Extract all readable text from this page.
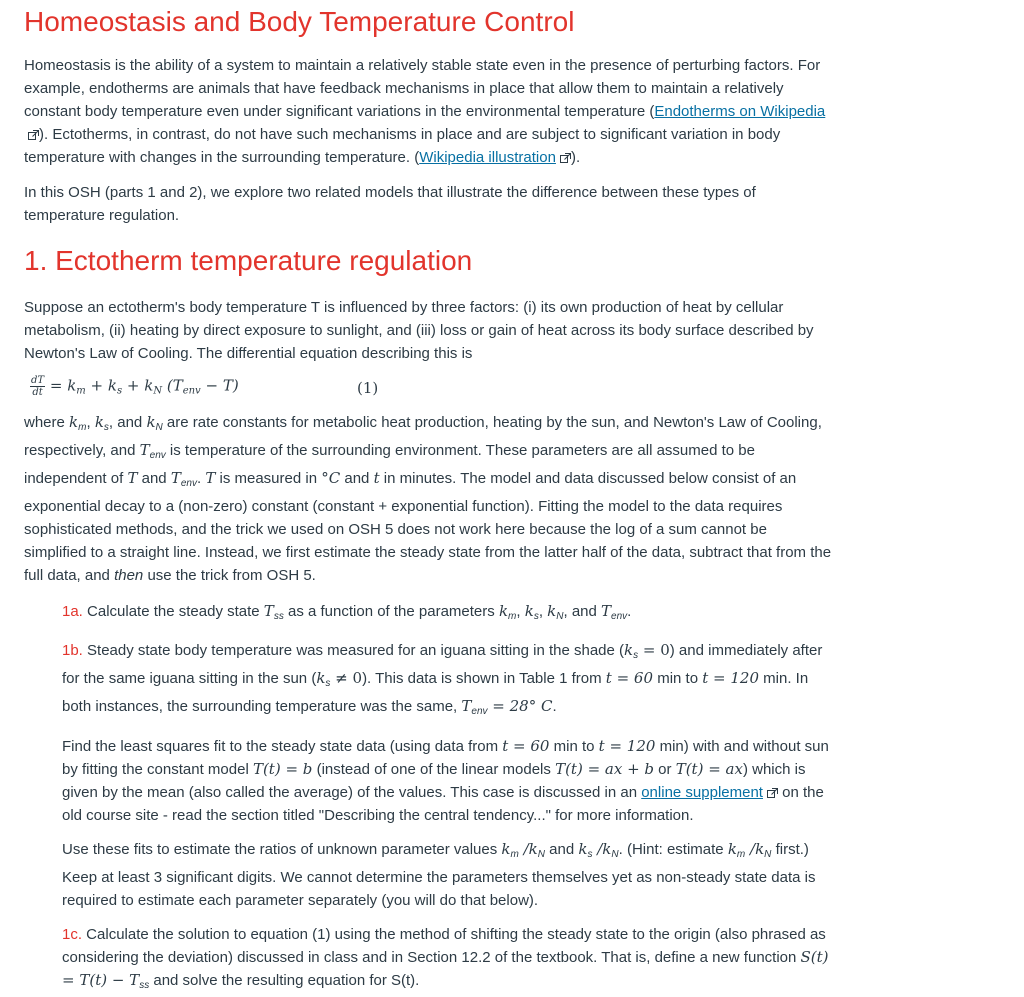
Homeostasis and Body Temperature Control

Homeostasis is the ability of a system to maintain a relatively stable state even in the presence of perturbing factors. For example, endotherms are animals that have feedback mechanisms in place that allow them to maintain a relatively constant body temperature even under significant variations in the environmental temperature (Endotherms on Wikipedia). Ectotherms, in contrast, do not have such mechanisms in place and are subject to significant variation in body temperature with changes in the surrounding temperature. (Wikipedia illustration ).

In this OSH (parts 1 and 2), we explore two related models that illustrate the difference between these types of temperature regulation.

1. Ectotherm temperature regulation

Suppose an ectotherm's body temperature T is influenced by three factors: (i) its own production of heat by cellular metabolism, (ii) heating by direct exposure to sunlight, and (iii) loss or gain of heat across its body surface described by Newton's Law of Cooling. The differential equation describing this is

$\frac{dT}{dt} = k_m + k_s + k_N$ $(T_{env} - T)$	(1)

where $k_m$, $k_s$, and $k_N$ are rate constants for metabolic heat production, heating by the sun, and Newton's Law of Cooling, respectively, and $T_{env}$ is temperature of the surrounding environment. These parameters are all assumed to be independent of T and $T_{env}$. T is measured in °C and t in minutes. The model and data discussed below consist of an exponential decay to a (non-zero) constant (constant + exponential function). Fitting the model to the data requires sophisticated methods, and the trick we used on OSH 5 does not work here because the log of a sum cannot be simplified to a straight line. Instead, we first estimate the steady state from the latter half of the data, subtract that from the full data, and then use the trick from OSH 5.

1a. Calculate the steady state $T_{ss}$ as a function of the parameters $k_m$, $k_s$, $k_N$, and $T_{env}$.

1b. Steady state body temperature was measured for an iguana sitting in the shade $(k_s = 0)$ and immediately after for the same iguana sitting in the sun $(k_s \ne 0)$. This data is shown in Table 1 from t = 60 min to t = 120 min. In both instances, the surrounding temperature was the same, $T_{env} = 28^\circ$ C.

Find the least squares fit to the steady state data (using data from t = 60 min to t = 120 min) with and without sun by fitting the constant model T(t) = b (instead of one of the linear models T(t) = ax + b or T(t) = ax) which is given by the mean (also called the average) of the values. This case is discussed in an online supplement on the old course site - read the section titled "Describing the central tendency..." for more information.

Use these fits to estimate the ratios of unknown parameter values $k_m$ $/k_N$ and $k_s$ $/k_N$. (Hint: estimate $k_m$ $/k_N$ first.) Keep at least 3 significant digits. We cannot determine the parameters themselves yet as non-steady state data is required to estimate each parameter separately (you will do that below).

1c. Calculate the solution to equation (1) using the method of shifting the steady state to the origin (also phrased as considering the deviation) discussed in class and in Section 12.2 of the textbook. That is, define a new function $S(t) = T(t) - T_{ss}$ and solve the resulting equation for S(t).
